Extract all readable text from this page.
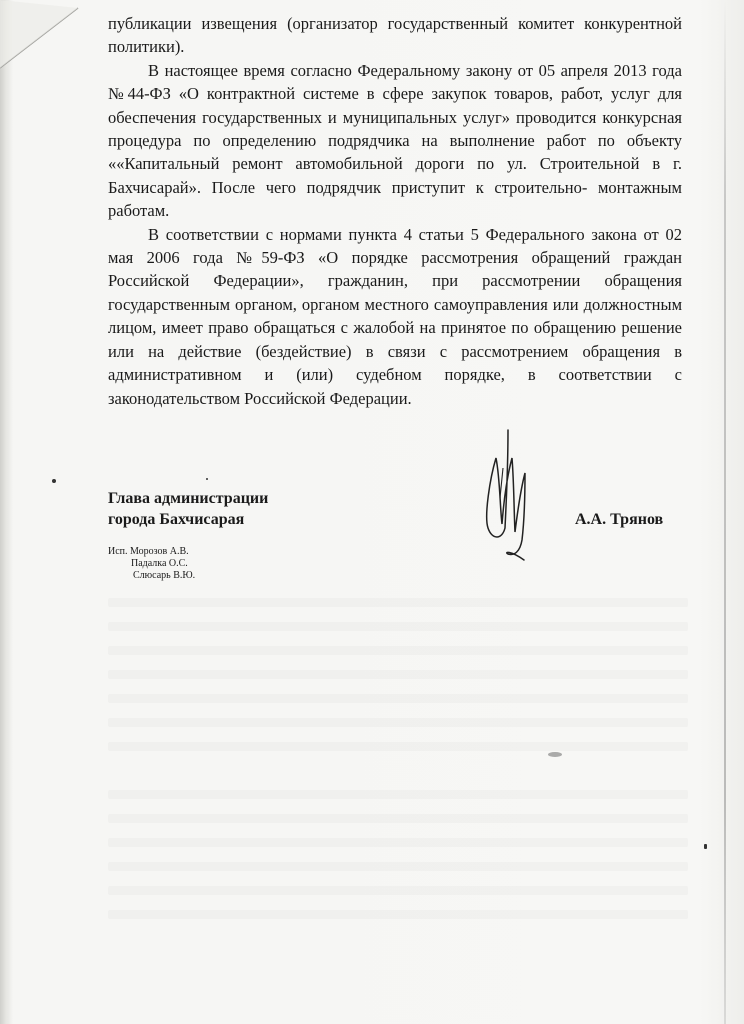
публикации извещения (организатор государственный комитет конкурентной политики).

В настоящее время согласно Федеральному закону от 05 апреля 2013 года №44-ФЗ «О контрактной системе в сфере закупок товаров, работ, услуг для обеспечения государственных и муниципальных услуг» проводится конкурсная процедура по определению подрядчика на выполнение работ по объекту ««Капитальный ремонт автомобильной дороги по ул. Строительной в г. Бахчисарай». После чего подрядчик приступит к строительно- монтажным работам.

В соответствии с нормами пункта 4 статьи 5 Федерального закона от 02 мая 2006 года №59-ФЗ «О порядке рассмотрения обращений граждан Российской Федерации», гражданин, при рассмотрении обращения государственным органом, органом местного самоуправления или должностным лицом, имеет право обращаться с жалобой на принятое по обращению решение или на действие (бездействие) в связи с рассмотрением обращения в административном и (или) судебном порядке, в соответствии с законодательством Российской Федерации.

Глава администрации
города Бахчисарая	А.А. Трянов
Исп. Морозов А.В.
Падалка О.С.
Слюсарь В.Ю.
